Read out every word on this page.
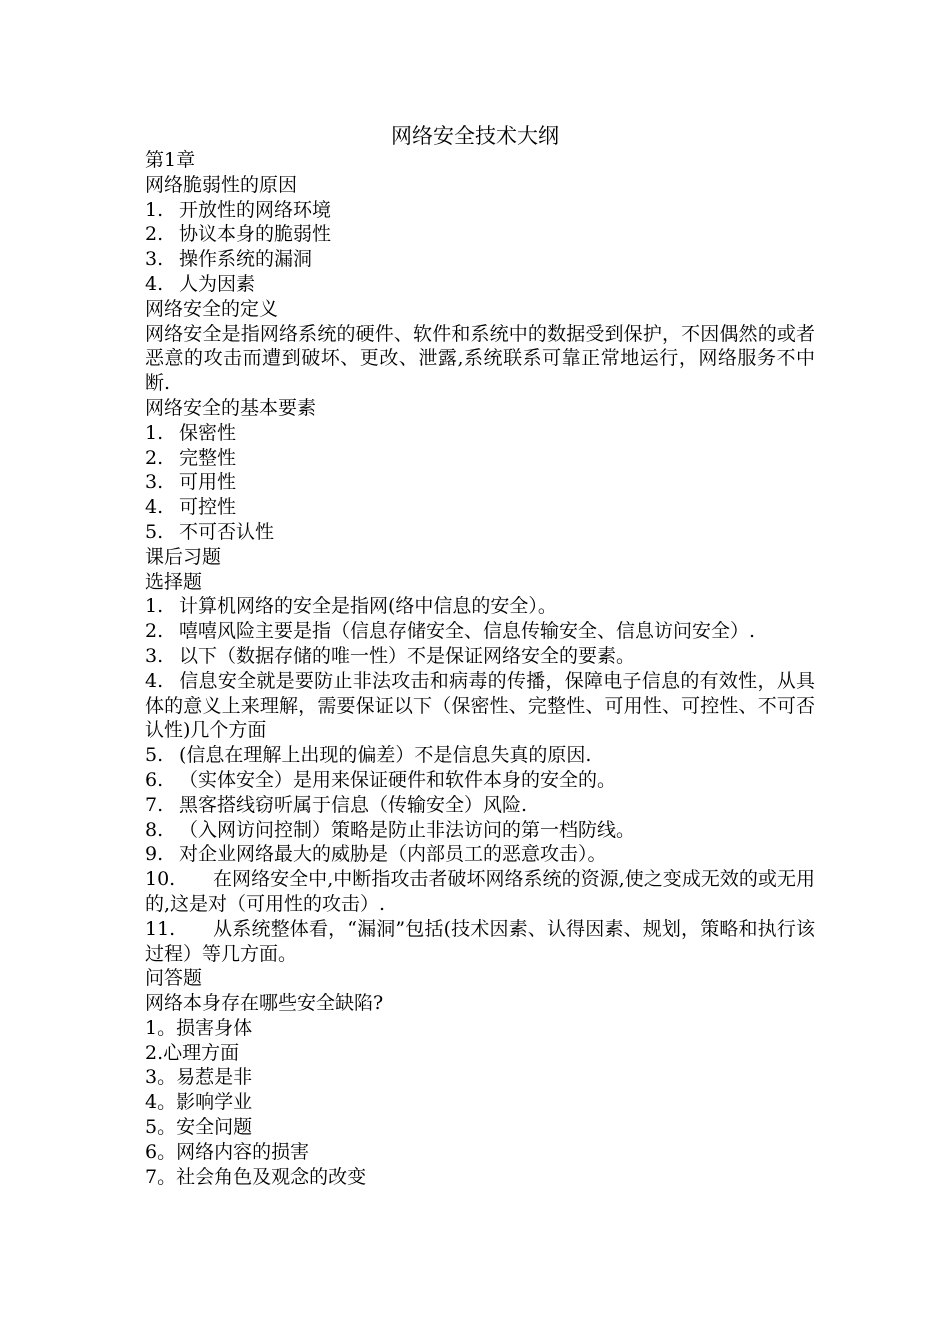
网络安全技术大纲
第1章
网络脆弱性的原因
1. 开放性的网络环境
2. 协议本身的脆弱性
3. 操作系统的漏洞
4. 人为因素
网络安全的定义
网络安全是指网络系统的硬件、软件和系统中的数据受到保护，不因偶然的或者恶意的攻击而遭到破坏、更改、泄露,系统联系可靠正常地运行，网络服务不中断.
网络安全的基本要素
1. 保密性
2. 完整性
3. 可用性
4. 可控性
5. 不可否认性
课后习题
选择题
1. 计算机网络的安全是指网(络中信息的安全）。
2. 嘻嘻风险主要是指（信息存储安全、信息传输安全、信息访问安全）.
3. 以下（数据存储的唯一性）不是保证网络安全的要素。
4. 信息安全就是要防止非法攻击和病毒的传播，保障电子信息的有效性，从具体的意义上来理解，需要保证以下（保密性、完整性、可用性、可控性、不可否认性)几个方面
5. (信息在理解上出现的偏差）不是信息失真的原因.
6. （实体安全）是用来保证硬件和软件本身的安全的。
7. 黑客搭线窃听属于信息（传输安全）风险.
8. （入网访问控制）策略是防止非法访问的第一档防线。
9. 对企业网络最大的威胁是（内部员工的恶意攻击）。
10. 在网络安全中,中断指攻击者破坏网络系统的资源,使之变成无效的或无用的,这是对（可用性的攻击）.
11. 从系统整体看，“漏洞”包括(技术因素、认得因素、规划，策略和执行该过程）等几方面。
问答题
网络本身存在哪些安全缺陷?
1。损害身体
2.心理方面
3。易惹是非
4。影响学业
5。安全问题
6。网络内容的损害
7。社会角色及观念的改变
